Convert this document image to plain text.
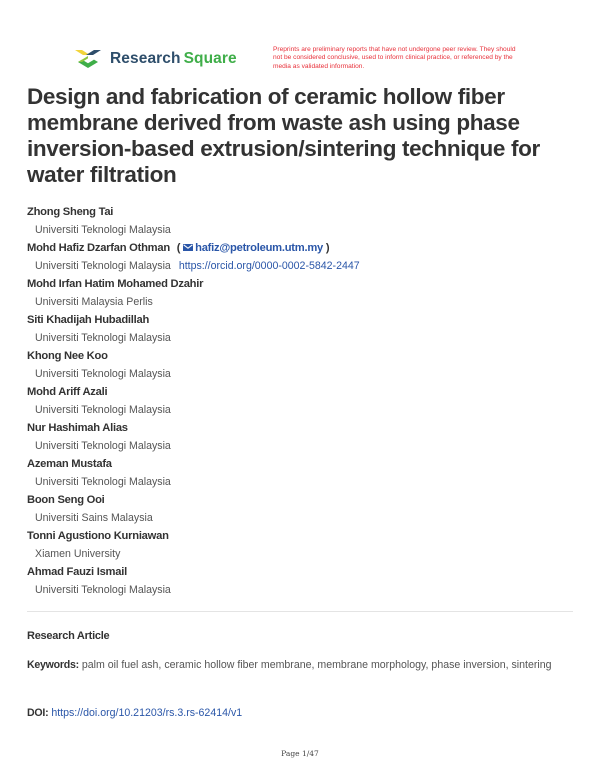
Research Square
Preprints are preliminary reports that have not undergone peer review. They should not be considered conclusive, used to inform clinical practice, or referenced by the media as validated information.
Design and fabrication of ceramic hollow fiber membrane derived from waste ash using phase inversion-based extrusion/sintering technique for water filtration
Zhong Sheng Tai
Universiti Teknologi Malaysia
Mohd Hafiz Dzarfan Othman ( hafiz@petroleum.utm.my )
Universiti Teknologi Malaysia https://orcid.org/0000-0002-5842-2447
Mohd Irfan Hatim Mohamed Dzahir
Universiti Malaysia Perlis
Siti Khadijah Hubadillah
Universiti Teknologi Malaysia
Khong Nee Koo
Universiti Teknologi Malaysia
Mohd Ariff Azali
Universiti Teknologi Malaysia
Nur Hashimah Alias
Universiti Teknologi Malaysia
Azeman Mustafa
Universiti Teknologi Malaysia
Boon Seng Ooi
Universiti Sains Malaysia
Tonni Agustiono Kurniawan
Xiamen University
Ahmad Fauzi Ismail
Universiti Teknologi Malaysia
Research Article
Keywords: palm oil fuel ash, ceramic hollow fiber membrane, membrane morphology, phase inversion, sintering
DOI: https://doi.org/10.21203/rs.3.rs-62414/v1
Page 1/47
